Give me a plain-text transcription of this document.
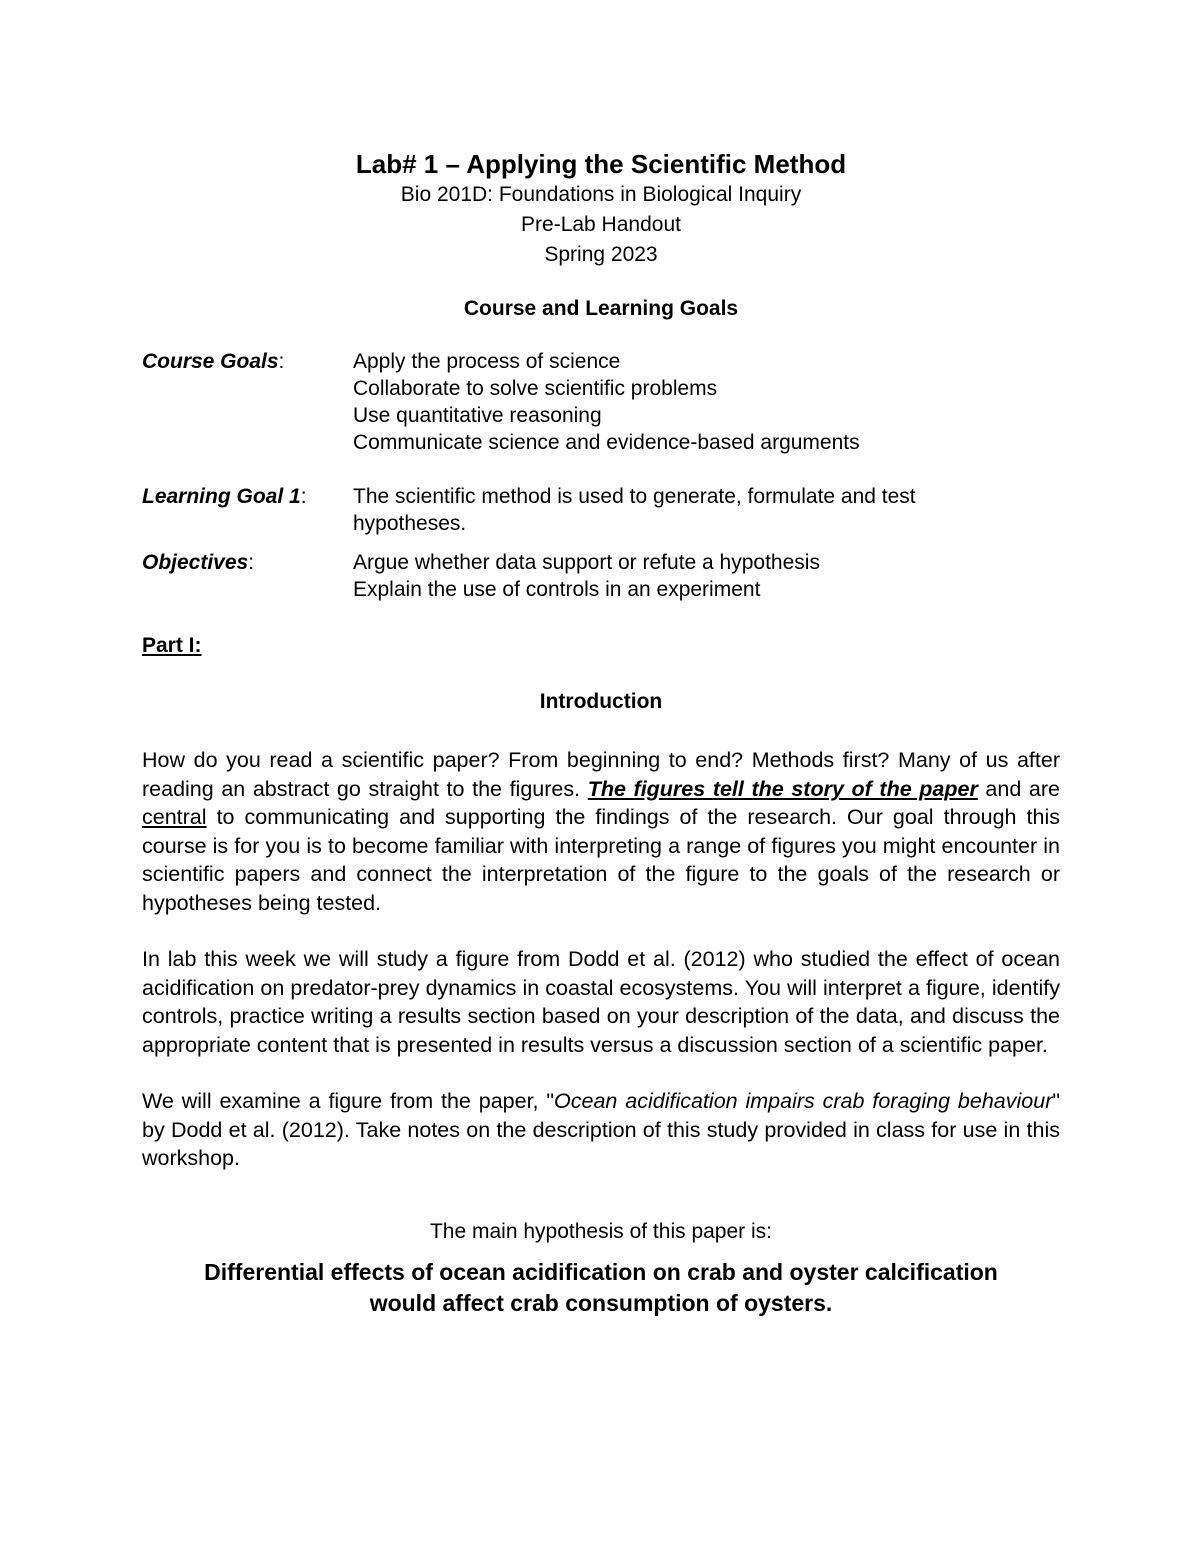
Lab# 1 – Applying the Scientific Method
Bio 201D: Foundations in Biological Inquiry
Pre-Lab Handout
Spring 2023
Course and Learning Goals
Course Goals:	Apply the process of science
Collaborate to solve scientific problems
Use quantitative reasoning
Communicate science and evidence-based arguments
Learning Goal 1:	The scientific method is used to generate, formulate and test
hypotheses.
Objectives:	Argue whether data support or refute a hypothesis
Explain the use of controls in an experiment
Part I:
Introduction

How do you read a scientific paper? From beginning to end? Methods first? Many of us after reading an abstract go straight to the figures. The figures tell the story of the paper and are central to communicating and supporting the findings of the research. Our goal through this course is for you is to become familiar with interpreting a range of figures you might encounter in scientific papers and connect the interpretation of the figure to the goals of the research or hypotheses being tested.

In lab this week we will study a figure from Dodd et al. (2012) who studied the effect of ocean acidification on predator-prey dynamics in coastal ecosystems. You will interpret a figure, identify controls, practice writing a results section based on your description of the data, and discuss the appropriate content that is presented in results versus a discussion section of a scientific paper.

We will examine a figure from the paper, "Ocean acidification impairs crab foraging behaviour" by Dodd et al. (2012). Take notes on the description of this study provided in class for use in this workshop.

The main hypothesis of this paper is:
Differential effects of ocean acidification on crab and oyster calcification
would affect crab consumption of oysters.
